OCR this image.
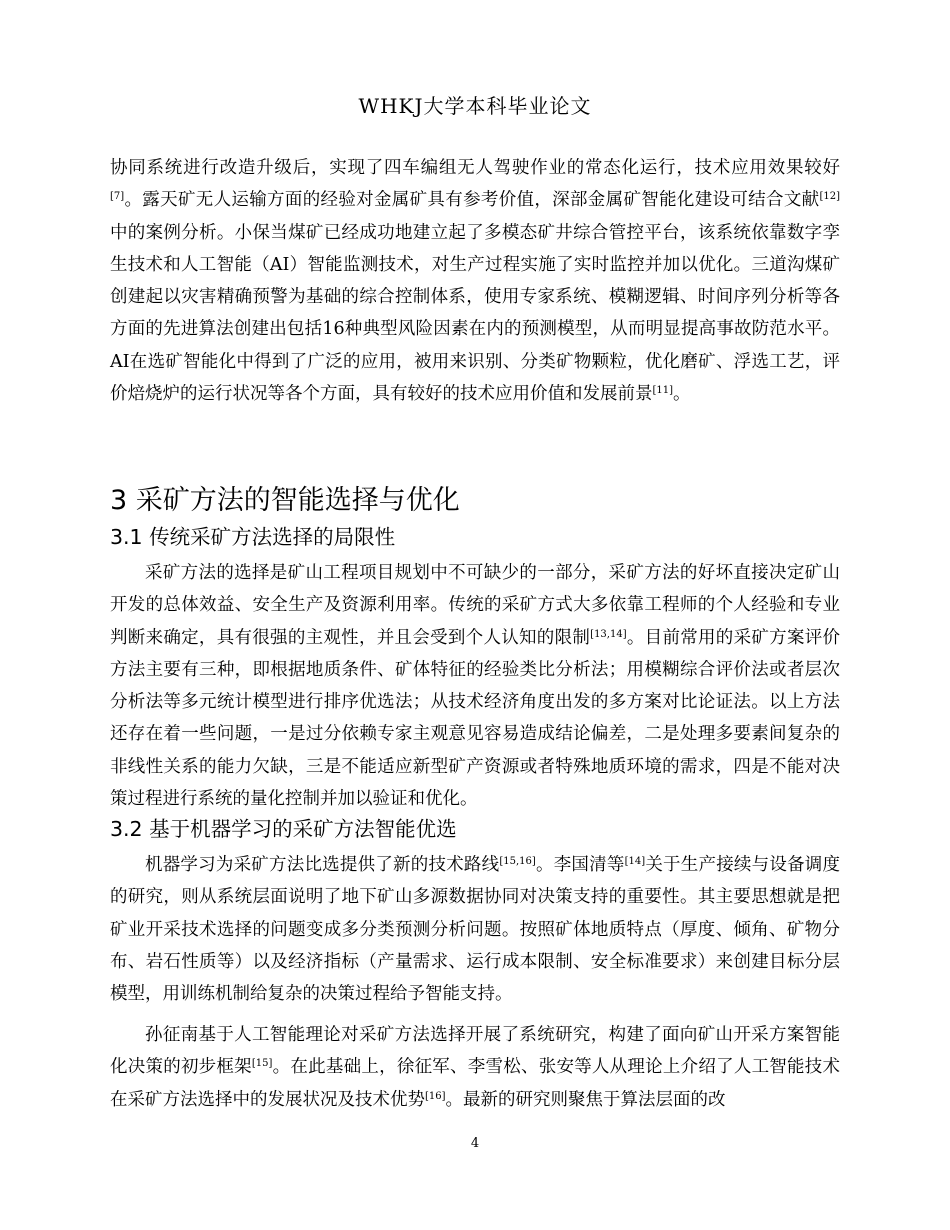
WHKJ大学本科毕业论文

协同系统进行改造升级后，实现了四车编组无人驾驶作业的常态化运行，技术应用效果较好[7]。露天矿无人运输方面的经验对金属矿具有参考价值，深部金属矿智能化建设可结合文献[12]中的案例分析。小保当煤矿已经成功地建立起了多模态矿井综合管控平台，该系统依靠数字孪生技术和人工智能（AI）智能监测技术，对生产过程实施了实时监控并加以优化。三道沟煤矿创建起以灾害精确预警为基础的综合控制体系，使用专家系统、模糊逻辑、时间序列分析等各方面的先进算法创建出包括16种典型风险因素在内的预测模型，从而明显提高事故防范水平。AI在选矿智能化中得到了广泛的应用，被用来识别、分类矿物颗粒，优化磨矿、浮选工艺，评价焙烧炉的运行状况等各个方面，具有较好的技术应用价值和发展前景[11]。

3 采矿方法的智能选择与优化
3.1 传统采矿方法选择的局限性

采矿方法的选择是矿山工程项目规划中不可缺少的一部分，采矿方法的好坏直接决定矿山开发的总体效益、安全生产及资源利用率。传统的采矿方式大多依靠工程师的个人经验和专业判断来确定，具有很强的主观性，并且会受到个人认知的限制[13,14]。目前常用的采矿方案评价方法主要有三种，即根据地质条件、矿体特征的经验类比分析法；用模糊综合评价法或者层次分析法等多元统计模型进行排序优选法；从技术经济角度出发的多方案对比论证法。以上方法还存在着一些问题，一是过分依赖专家主观意见容易造成结论偏差，二是处理多要素间复杂的非线性关系的能力欠缺，三是不能适应新型矿产资源或者特殊地质环境的需求，四是不能对决策过程进行系统的量化控制并加以验证和优化。

3.2 基于机器学习的采矿方法智能优选

机器学习为采矿方法比选提供了新的技术路线[15,16]。李国清等[14]关于生产接续与设备调度的研究，则从系统层面说明了地下矿山多源数据协同对决策支持的重要性。其主要思想就是把矿业开采技术选择的问题变成多分类预测分析问题。按照矿体地质特点（厚度、倾角、矿物分布、岩石性质等）以及经济指标（产量需求、运行成本限制、安全标准要求）来创建目标分层模型，用训练机制给复杂的决策过程给予智能支持。

孙征南基于人工智能理论对采矿方法选择开展了系统研究，构建了面向矿山开采方案智能化决策的初步框架[15]。在此基础上，徐征军、李雪松、张安等人从理论上介绍了人工智能技术在采矿方法选择中的发展状况及技术优势[16]。最新的研究则聚焦于算法层面的改

4
